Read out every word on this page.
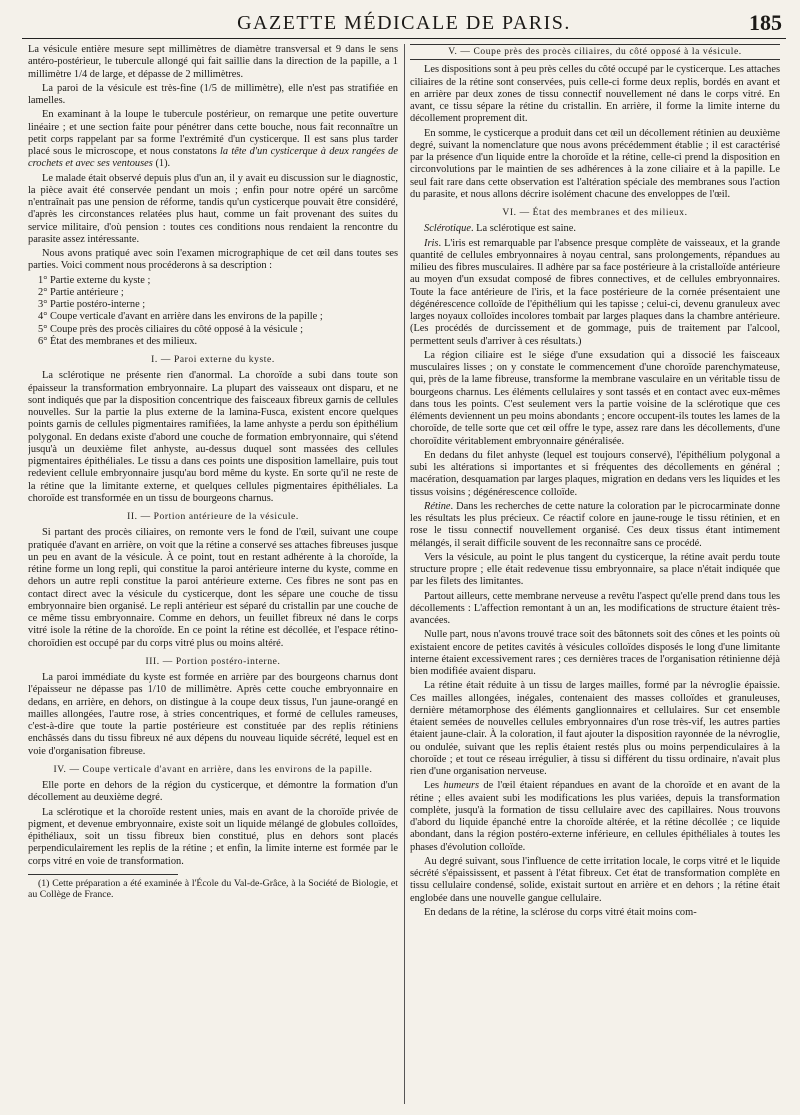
GAZETTE MÉDICALE DE PARIS.	185

La vésicule entière mesure sept millimètres de diamètre transversal et 9 dans le sens antéro-postérieur, le tubercule allongé qui fait saillie dans la direction de la papille, a 1 millimètre 1/4 de large, et dépasse de 2 millimètres.

La paroi de la vésicule est très-fine (1/5 de millimètre), elle n'est pas stratifiée en lamelles.

En examinant à la loupe le tubercule postérieur, on remarque une petite ouverture linéaire ; et une section faite pour pénétrer dans cette bouche, nous fait reconnaître un petit corps rappelant par sa forme l'extrémité d'un cysticerque. Il est sans plus tarder placé sous le microscope, et nous constatons la tête d'un cysticerque à deux rangées de crochets et avec ses ventouses (1).

Le malade était observé depuis plus d'un an, il y avait eu discussion sur le diagnostic, la pièce avait été conservée pendant un mois ; enfin pour notre opéré un sarcôme n'entraînait pas une pension de réforme, tandis qu'un cysticerque pouvait être considéré, d'après les circonstances relatées plus haut, comme un fait provenant des suites du service militaire, d'où pension : toutes ces conditions nous rendaient la rencontre du parasite assez intéressante.

Nous avons pratiqué avec soin l'examen micrographique de cet œil dans toutes ses parties. Voici comment nous procéderons à sa description :

1° Partie externe du kyste ;

2° Partie antérieure ;

3° Partie postéro-interne ;

4° Coupe verticale d'avant en arrière dans les environs de la papille ;

5° Coupe près des procès ciliaires du côté opposé à la vésicule ;

6° État des membranes et des milieux.

I. — Paroi externe du kyste.

La sclérotique ne présente rien d'anormal. La choroïde a subi dans toute son épaisseur la transformation embryonnaire. La plupart des vaisseaux ont disparu, et ne sont indiqués que par la disposition concentrique des faisceaux fibreux garnis de cellules nouvelles. Sur la partie la plus externe de la lamina-Fusca, existent encore quelques points garnis de cellules pigmentaires ramifiées, la lame anhyste a perdu son épithélium polygonal. En dedans existe d'abord une couche de formation embryonnaire, qui s'étend jusqu'à un deuxième filet anhyste, au-dessus duquel sont massées des cellules pigmentaires épithéliales. Le tissu a dans ces points une disposition lamellaire, puis tout redevient cellule embryonnaire jusqu'au bord même du kyste. En sorte qu'il ne reste de la rétine que la limitante externe, et quelques cellules pigmentaires épithéliales. La choroïde est transformée en un tissu de bourgeons charnus.

II. — Portion antérieure de la vésicule.

Si partant des procès ciliaires, on remonte vers le fond de l'œil, suivant une coupe pratiquée d'avant en arrière, on voit que la rétine a conservé ses attaches fibreuses jusque un peu en avant de la vésicule. À ce point, tout en restant adhérente à la choroïde, la rétine forme un long repli, qui constitue la paroi antérieure interne du kyste, comme en dehors un autre repli constitue la paroi antérieure externe. Ces fibres ne sont pas en contact direct avec la vésicule du cysticerque, dont les sépare une couche de tissu embryonnaire bien organisé. Le repli antérieur est séparé du cristallin par une couche de ce même tissu embryonnaire. Comme en dehors, un feuillet fibreux né dans le corps vitré isole la rétine de la choroïde. En ce point la rétine est décollée, et l'espace rétino-choroïdien est occupé par du corps vitré plus ou moins altéré.

III. — Portion postéro-interne.

La paroi immédiate du kyste est formée en arrière par des bourgeons charnus dont l'épaisseur ne dépasse pas 1/10 de millimètre. Après cette couche embryonnaire en dedans, en arrière, en dehors, on distingue à la coupe deux tissus, l'un jaune-orangé en mailles allongées, l'autre rose, à stries concentriques, et formé de cellules rameuses, c'est-à-dire que toute la partie postérieure est constituée par des replis rétiniens enchâssés dans du tissu fibreux né aux dépens du nouveau liquide sécrété, lequel est en voie d'organisation fibreuse.

IV. — Coupe verticale d'avant en arrière, dans les environs de la papille.

Elle porte en dehors de la région du cysticerque, et démontre la formation d'un décollement au deuxième degré.

La sclérotique et la choroïde restent unies, mais en avant de la choroïde privée de pigment, et devenue embryonnaire, existe soit un liquide mélangé de globules colloïdes, épithéliaux, soit un tissu fibreux bien constitué, plus en dehors sont placés perpendiculairement les replis de la rétine ; et enfin, la limite interne est formée par le corps vitré en voie de transformation.

(1) Cette préparation a été examinée à l'École du Val-de-Grâce, à la Société de Biologie, et au Collège de France.

V. — Coupe près des procès ciliaires, du côté opposé à la vésicule.

Les dispositions sont à peu près celles du côté occupé par le cysticerque. Les attaches ciliaires de la rétine sont conservées, puis celle-ci forme deux replis, bordés en avant et en arrière par deux zones de tissu connectif nouvellement né dans le corps vitré. En avant, ce tissu sépare la rétine du cristallin. En arrière, il forme la limite interne du décollement proprement dit.

En somme, le cysticerque a produit dans cet œil un décollement rétinien au deuxième degré, suivant la nomenclature que nous avons précédemment établie ; il est caractérisé par la présence d'un liquide entre la choroïde et la rétine, celle-ci prend la disposition en circonvolutions par le maintien de ses adhérences à la zone ciliaire et à la papille. Le seul fait rare dans cette observation est l'altération spéciale des membranes sous l'action du parasite, et nous allons décrire isolément chacune des enveloppes de l'œil.

VI. — État des membranes et des milieux.

Sclérotique. La sclérotique est saine.

Iris. L'iris est remarquable par l'absence presque complète de vaisseaux, et la grande quantité de cellules embryonnaires à noyau central, sans prolongements, répandues au milieu des fibres musculaires. Il adhère par sa face postérieure à la cristalloïde antérieure au moyen d'un exsudat composé de fibres connectives, et de cellules embryonnaires. Toute la face antérieure de l'iris, et la face postérieure de la cornée présentaient une dégénérescence colloïde de l'épithélium qui les tapisse ; celui-ci, devenu granuleux avec larges noyaux colloïdes incolores tombait par larges plaques dans la chambre antérieure. (Les procédés de durcissement et de gommage, puis de traitement par l'alcool, permettent seuls d'arriver à ces résultats.)

La région ciliaire est le siége d'une exsudation qui a dissocié les faisceaux musculaires lisses ; on y constate le commencement d'une choroïde parenchymateuse, qui, près de la lame fibreuse, transforme la membrane vasculaire en un véritable tissu de bourgeons charnus. Les éléments cellulaires y sont tassés et en contact avec eux-mêmes dans tous les points. C'est seulement vers la partie voisine de la sclérotique que ces éléments deviennent un peu moins abondants ; encore occupent-ils toutes les lames de la choroïde, de telle sorte que cet œil offre le type, assez rare dans les décollements, d'une choroïdite véritablement embryonnaire généralisée.

En dedans du filet anhyste (lequel est toujours conservé), l'épithélium polygonal a subi les altérations si importantes et si fréquentes des décollements en général ; macération, desquamation par larges plaques, migration en dedans vers les liquides et les tissus voisins ; dégénérescence colloïde.

Rétine. Dans les recherches de cette nature la coloration par le picrocarminate donne les résultats les plus précieux. Ce réactif colore en jaune-rouge le tissu rétinien, et en rose le tissu connectif nouvellement organisé. Ces deux tissus étant intimement mélangés, il serait difficile souvent de les reconnaître sans ce procédé.

Vers la vésicule, au point le plus tangent du cysticerque, la rétine avait perdu toute structure propre ; elle était redevenue tissu embryonnaire, sa place n'était indiquée que par les filets des limitantes.

Partout ailleurs, cette membrane nerveuse a revêtu l'aspect qu'elle prend dans tous les décollements : L'affection remontant à un an, les modifications de structure étaient très-avancées.

Nulle part, nous n'avons trouvé trace soit des bâtonnets soit des cônes et les points où existaient encore de petites cavités à vésicules colloïdes disposés le long d'une limitante interne étaient excessivement rares ; ces dernières traces de l'organisation rétinienne déjà bien modifiée avaient disparu.

La rétine était réduite à un tissu de larges mailles, formé par la névroglie épaissie. Ces mailles allongées, inégales, contenaient des masses colloïdes et granuleuses, dernière métamorphose des éléments ganglionnaires et cellulaires. Sur cet ensemble étaient semées de nouvelles cellules embryonnaires d'un rose très-vif, les autres parties étaient jaune-clair. À la coloration, il faut ajouter la disposition rayonnée de la névroglie, ou ondulée, suivant que les replis étaient restés plus ou moins perpendiculaires à la choroïde ; et tout ce réseau irrégulier, à tissu si différent du tissu ordinaire, n'avait plus rien d'une organisation nerveuse.

Les humeurs de l'œil étaient répandues en avant de la choroïde et en avant de la rétine ; elles avaient subi les modifications les plus variées, depuis la transformation complète, jusqu'à la formation de tissu cellulaire avec des capillaires. Nous trouvons d'abord du liquide épanché entre la choroïde altérée, et la rétine décollée ; ce liquide abondant, dans la région postéro-externe inférieure, en cellules épithéliales à toutes les phases d'évolution colloïde.

Au degré suivant, sous l'influence de cette irritation locale, le corps vitré et le liquide sécrété s'épaississent, et passent à l'état fibreux. Cet état de transformation complète en tissu cellulaire condensé, solide, existait surtout en arrière et en dehors ; la rétine était englobée dans une nouvelle gangue cellulaire.

En dedans de la rétine, la sclérose du corps vitré était moins com-
